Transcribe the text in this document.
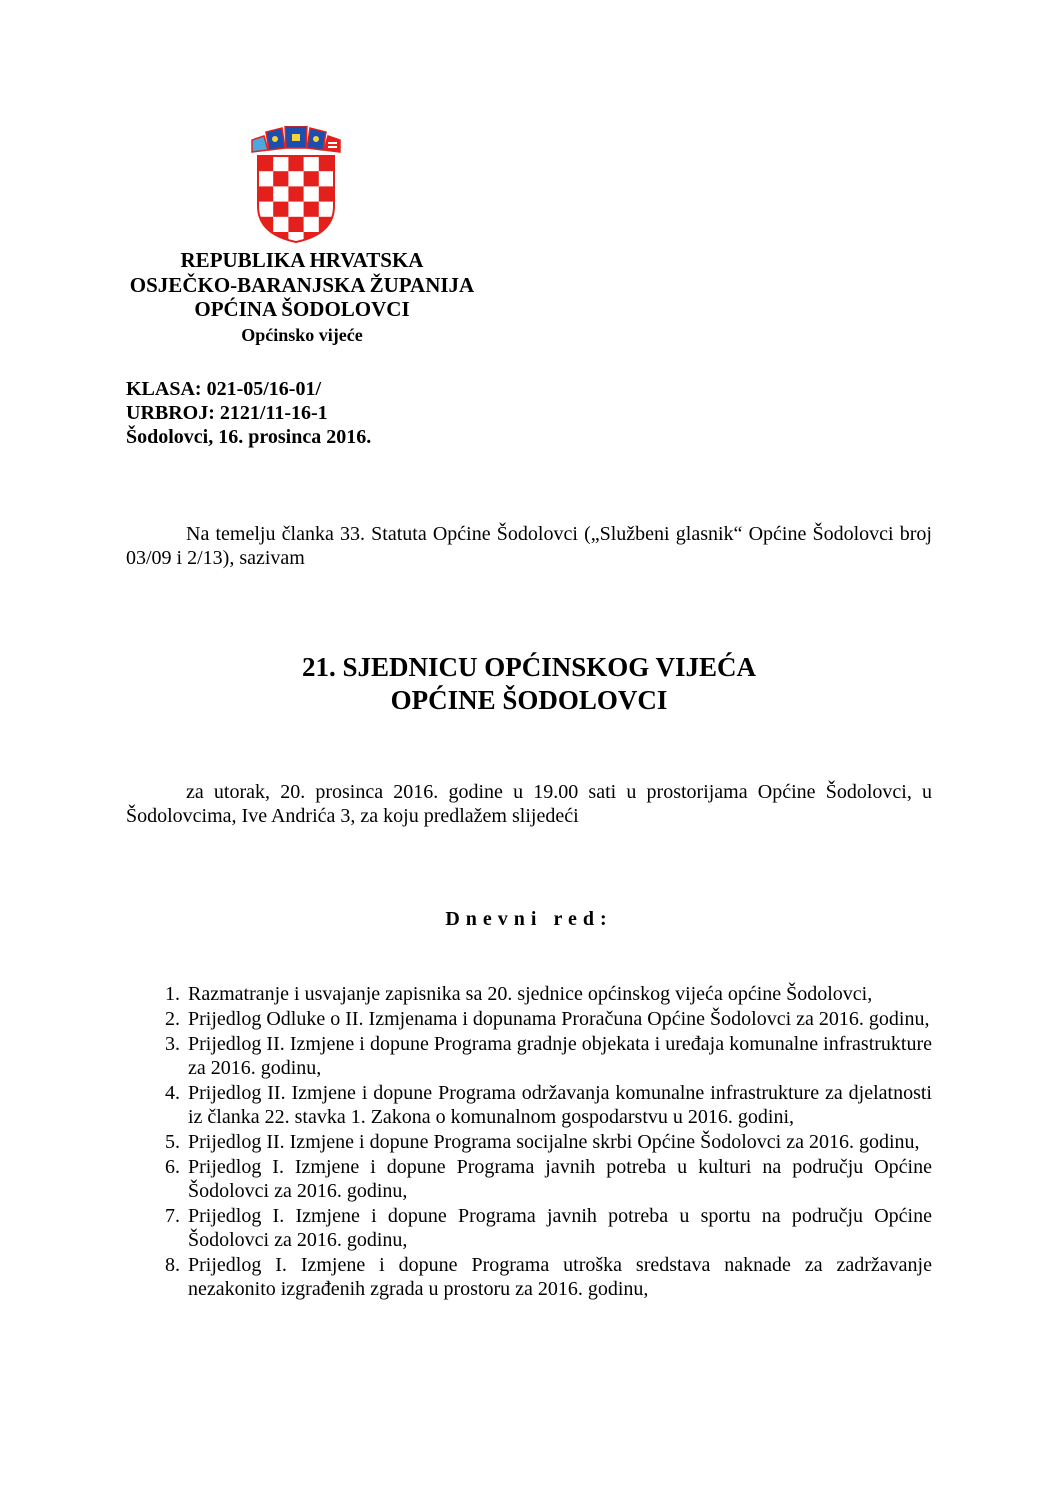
REPUBLIKA HRVATSKA
OSJEČKO-BARANJSKA ŽUPANIJA
OPĆINA ŠODOLOVCI
Općinsko vijeće
KLASA: 021-05/16-01/
URBROJ: 2121/11-16-1
Šodolovci, 16. prosinca 2016.
Na temelju članka 33. Statuta Općine Šodolovci („Službeni glasnik“ Općine Šodolovci broj 03/09 i 2/13), sazivam
21. SJEDNICU OPĆINSKOG VIJEĆA
OPĆINE ŠODOLOVCI
za utorak, 20. prosinca 2016. godine u 19.00 sati u prostorijama Općine Šodolovci, u Šodolovcima, Ive Andrića 3, za koju predlažem slijedeći
Dnevni red:
1. Razmatranje i usvajanje zapisnika sa 20. sjednice općinskog vijeća općine Šodolovci,
2. Prijedlog Odluke o II. Izmjenama i dopunama Proračuna Općine Šodolovci za 2016. godinu,
3. Prijedlog II. Izmjene i dopune Programa gradnje objekata i uređaja komunalne infrastrukture za 2016. godinu,
4. Prijedlog II. Izmjene i dopune Programa održavanja komunalne infrastrukture za djelatnosti iz članka 22. stavka 1. Zakona o komunalnom gospodarstvu u 2016. godini,
5. Prijedlog II. Izmjene i dopune Programa socijalne skrbi Općine Šodolovci za 2016. godinu,
6. Prijedlog I. Izmjene i dopune Programa javnih potreba u kulturi na području Općine Šodolovci za 2016. godinu,
7. Prijedlog I. Izmjene i dopune Programa javnih potreba u sportu na području Općine Šodolovci za 2016. godinu,
8. Prijedlog I. Izmjene i dopune Programa utroška sredstava naknade za zadržavanje nezakonito izgrađenih zgrada u prostoru za 2016. godinu,
